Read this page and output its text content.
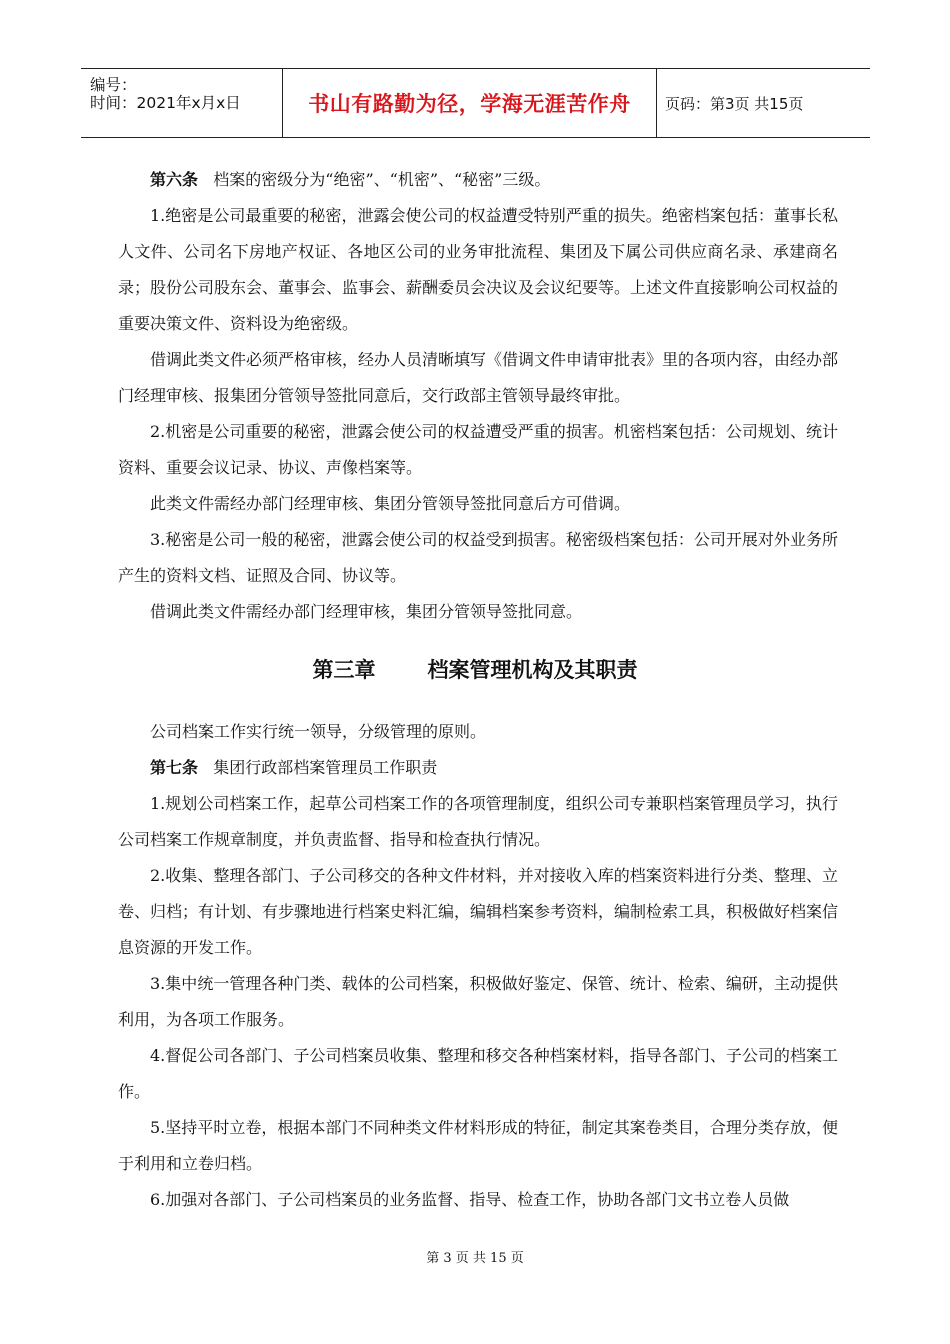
编号：
时间：2021年x月x日	书山有路勤为径，学海无涯苦作舟	页码：第3页 共15页

第六条 档案的密级分为“绝密”、“机密”、“秘密”三级。

1.绝密是公司最重要的秘密，泄露会使公司的权益遭受特别严重的损失。绝密档案包括：董事长私人文件、公司名下房地产权证、各地区公司的业务审批流程、集团及下属公司供应商名录、承建商名录；股份公司股东会、董事会、监事会、薪酬委员会决议及会议纪要等。上述文件直接影响公司权益的重要决策文件、资料设为绝密级。

借调此类文件必须严格审核，经办人员清晰填写《借调文件申请审批表》里的各项内容，由经办部门经理审核、报集团分管领导签批同意后，交行政部主管领导最终审批。

2.机密是公司重要的秘密，泄露会使公司的权益遭受严重的损害。机密档案包括：公司规划、统计资料、重要会议记录、协议、声像档案等。

此类文件需经办部门经理审核、集团分管领导签批同意后方可借调。

3.秘密是公司一般的秘密，泄露会使公司的权益受到损害。秘密级档案包括：公司开展对外业务所产生的资料文档、证照及合同、协议等。

借调此类文件需经办部门经理审核，集团分管领导签批同意。

第三章 档案管理机构及其职责

公司档案工作实行统一领导，分级管理的原则。

第七条 集团行政部档案管理员工作职责

1.规划公司档案工作，起草公司档案工作的各项管理制度，组织公司专兼职档案管理员学习，执行公司档案工作规章制度，并负责监督、指导和检查执行情况。

2.收集、整理各部门、子公司移交的各种文件材料，并对接收入库的档案资料进行分类、整理、立卷、归档；有计划、有步骤地进行档案史料汇编，编辑档案参考资料，编制检索工具，积极做好档案信息资源的开发工作。

3.集中统一管理各种门类、载体的公司档案，积极做好鉴定、保管、统计、检索、编研，主动提供利用，为各项工作服务。

4.督促公司各部门、子公司档案员收集、整理和移交各种档案材料，指导各部门、子公司的档案工作。

5.坚持平时立卷，根据本部门不同种类文件材料形成的特征，制定其案卷类目，合理分类存放，便于利用和立卷归档。

6.加强对各部门、子公司档案员的业务监督、指导、检查工作，协助各部门文书立卷人员做

第 3 页 共 15 页
